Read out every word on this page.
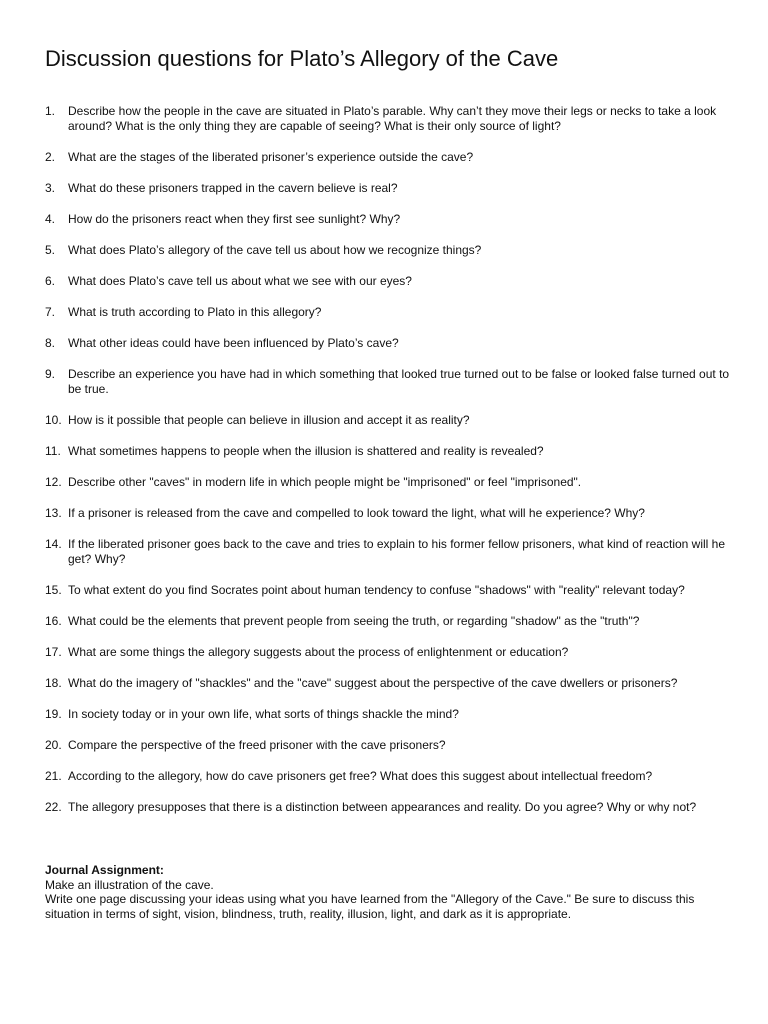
Discussion questions for Plato’s Allegory of the Cave
1. Describe how the people in the cave are situated in Plato’s parable. Why can’t they move their legs or necks to take a look around? What is the only thing they are capable of seeing? What is their only source of light?
2. What are the stages of the liberated prisoner’s experience outside the cave?
3. What do these prisoners trapped in the cavern believe is real?
4. How do the prisoners react when they first see sunlight? Why?
5. What does Plato’s allegory of the cave tell us about how we recognize things?
6. What does Plato’s cave tell us about what we see with our eyes?
7. What is truth according to Plato in this allegory?
8. What other ideas could have been influenced by Plato’s cave?
9. Describe an experience you have had in which something that looked true turned out to be false or looked false turned out to be true.
10. How is it possible that people can believe in illusion and accept it as reality?
11. What sometimes happens to people when the illusion is shattered and reality is revealed?
12. Describe other "caves" in modern life in which people might be "imprisoned" or feel "imprisoned".
13. If a prisoner is released from the cave and compelled to look toward the light, what will he experience? Why?
14. If the liberated prisoner goes back to the cave and tries to explain to his former fellow prisoners, what kind of reaction will he get? Why?
15. To what extent do you find Socrates point about human tendency to confuse "shadows" with "reality" relevant today?
16. What could be the elements that prevent people from seeing the truth, or regarding "shadow" as the "truth"?
17. What are some things the allegory suggests about the process of enlightenment or education?
18. What do the imagery of "shackles" and the "cave" suggest about the perspective of the cave dwellers or prisoners?
19. In society today or in your own life, what sorts of things shackle the mind?
20. Compare the perspective of the freed prisoner with the cave prisoners?
21. According to the allegory, how do cave prisoners get free? What does this suggest about intellectual freedom?
22. The allegory presupposes that there is a distinction between appearances and reality. Do you agree? Why or why not?
Journal Assignment:
Make an illustration of the cave.
Write one page discussing your ideas using what you have learned from the "Allegory of the Cave." Be sure to discuss this situation in terms of sight, vision, blindness, truth, reality, illusion, light, and dark as it is appropriate.
